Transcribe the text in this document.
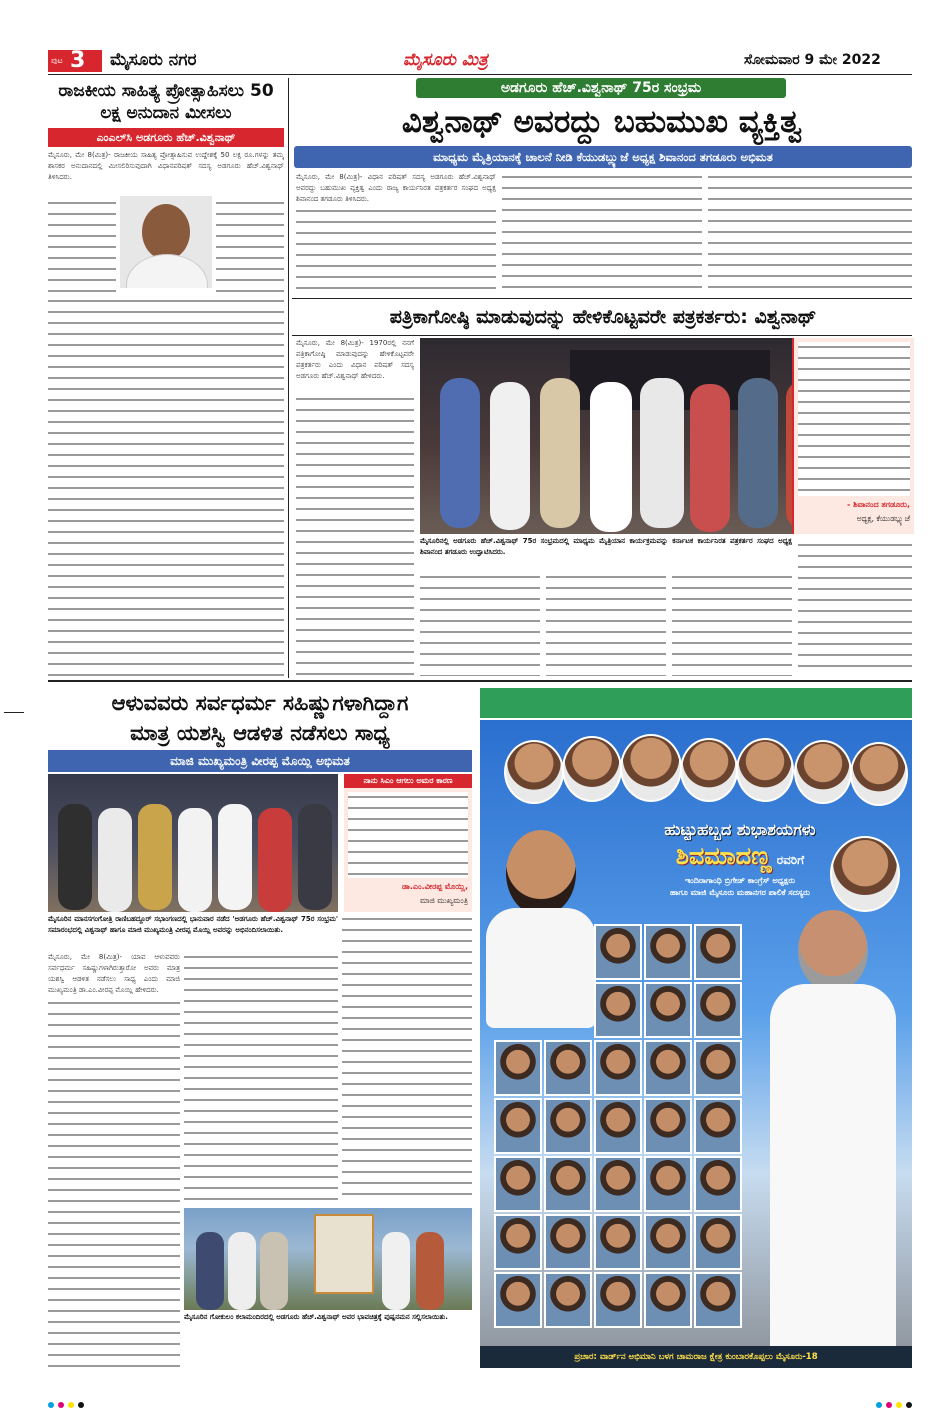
ಪುಟ 3 ಮೈಸೂರು ನಗರ	ಮೈಸೂರು ಮಿತ್ರ	ಸೋಮವಾರ 9 ಮೇ 2022
ರಾಜಕೀಯ ಸಾಹಿತ್ಯ ಪ್ರೋತ್ಸಾಹಿಸಲು 50 ಲಕ್ಷ ಅನುದಾನ ಮೀಸಲು
ಎಂಎಲ್‌ಸಿ ಅಡಗೂರು ಹೆಚ್.ವಿಶ್ವನಾಥ್
ಮೈಸೂರು, ಮೇ 8(ಮಿತ್ರ)- ರಾಜಕೀಯ ಸಾಹಿತ್ಯ ಪ್ರೋತ್ಸಾಹಿಸುವ ಉದ್ದೇಶಕ್ಕೆ 50 ಲಕ್ಷ ರೂ.ಗಳನ್ನು ತಮ್ಮ ಶಾಸಕರ ಅನುದಾನದಲ್ಲಿ ಮೀಸಲಿರಿಸುವುದಾಗಿ ವಿಧಾನಪರಿಷತ್ ಸದಸ್ಯ ಅಡಗೂರು ಹೆಚ್.ವಿಶ್ವನಾಥ್ ತಿಳಿಸಿದರು.
ಅಡಗೂರು ಹೆಚ್.ವಿಶ್ವನಾಥ್ 75ರ ಸಂಭ್ರಮ
ವಿಶ್ವನಾಥ್ ಅವರದ್ದು ಬಹುಮುಖ ವ್ಯಕ್ತಿತ್ವ
ಮಾಧ್ಯಮ ಮೈತ್ರಿಯಾನಕ್ಕೆ ಚಾಲನೆ ನೀಡಿ ಕೆಯುಡಬ್ಲ್ಯುಜೆ ಅಧ್ಯಕ್ಷ ಶಿವಾನಂದ ತಗಡೂರು ಅಭಿಮತ
ಮೈಸೂರು, ಮೇ 8(ಮಿತ್ರ)- ವಿಧಾನ ಪರಿಷತ್ ಸದಸ್ಯ ಅಡಗೂರು ಹೆಚ್.ವಿಶ್ವನಾಥ್ ಅವರದ್ದು ಬಹುಮುಖ ವ್ಯಕ್ತಿತ್ವ ಎಂದು ರಾಜ್ಯ ಕಾರ್ಯನಿರತ ಪತ್ರಕರ್ತರ ಸಂಘದ ಅಧ್ಯಕ್ಷ ಶಿವಾನಂದ ತಗಡೂರು ತಿಳಿಸಿದರು.
ಪತ್ರಿಕಾಗೋಷ್ಠಿ ಮಾಡುವುದನ್ನು ಹೇಳಿಕೊಟ್ಟವರೇ ಪತ್ರಕರ್ತರು: ವಿಶ್ವನಾಥ್
ಮೈಸೂರು, ಮೇ 8(ಮಿತ್ರ)- 1970ರಲ್ಲಿ ನನಗೆ ಪತ್ರಿಕಾಗೋಷ್ಠಿ ಮಾಡುವುದನ್ನು ಹೇಳಿಕೊಟ್ಟವರೇ ಪತ್ರಕರ್ತರು ಎಂದು ವಿಧಾನ ಪರಿಷತ್ ಸದಸ್ಯ ಅಡಗೂರು ಹೆಚ್.ವಿಶ್ವನಾಥ್ ಹೇಳಿದರು.
- ಶಿವಾನಂದ ತಗಡೂರು,
ಅಧ್ಯಕ್ಷ, ಕೆಯುಡಬ್ಲ್ಯುಜೆ
ಮೈಸೂರಿನಲ್ಲಿ ಅಡಗೂರು ಹೆಚ್.ವಿಶ್ವನಾಥ್ 75ರ ಸಂಭ್ರಮದಲ್ಲಿ ಮಾಧ್ಯಮ ಮೈತ್ರಿಯಾನ ಕಾರ್ಯಕ್ರಮವನ್ನು ಕರ್ನಾಟಕ ಕಾರ್ಯನಿರತ ಪತ್ರಕರ್ತರ ಸಂಘದ ಅಧ್ಯಕ್ಷ ಶಿವಾನಂದ ತಗಡೂರು ಉದ್ಘಾಟಿಸಿದರು.
ಆಳುವವರು ಸರ್ವಧರ್ಮ ಸಹಿಷ್ಣುಗಳಾಗಿದ್ದಾಗ
ಮಾತ್ರ ಯಶಸ್ವಿ ಆಡಳಿತ ನಡೆಸಲು ಸಾಧ್ಯ
ಮಾಜಿ ಮುಖ್ಯಮಂತ್ರಿ ವೀರಪ್ಪ ಮೊಯ್ಲಿ ಅಭಿಮತ
ನಾನು ಸಿಎಂ ಆಗಲು ಅಮರ ಕಾರಣ
ಡಾ.ಎಂ.ವೀರಪ್ಪ ಮೊಯ್ಲಿ,
ಮಾಜಿ ಮುಖ್ಯಮಂತ್ರಿ
ಮೈಸೂರಿನ ಮಾನಸಗಂಗೋತ್ರಿ ರಾಣಿಬಹದ್ದೂರ್ ಸಭಾಂಗಣದಲ್ಲಿ ಭಾನುವಾರ ನಡೆದ 'ಅಡಗೂರು ಹೆಚ್.ವಿಶ್ವನಾಥ್ 75ರ ಸಂಭ್ರಮ' ಸಮಾರಂಭದಲ್ಲಿ ವಿಶ್ವನಾಥ್ ಹಾಗೂ ಮಾಜಿ ಮುಖ್ಯಮಂತ್ರಿ ವೀರಪ್ಪ ಮೊಯ್ಲಿ ಅವರನ್ನು ಅಭಿನಂದಿಸಲಾಯಿತು.
ಮೈಸೂರು, ಮೇ 8(ಮಿತ್ರ)- ಯಾವ ಆಳುವವರು ಸರ್ವಧರ್ಮ ಸಹಿಷ್ಣುಗಳಾಗಿರುತ್ತಾರೋ ಅವರು ಮಾತ್ರ ಯಶಸ್ವಿ ಆಡಳಿತ ನಡೆಸಲು ಸಾಧ್ಯ ಎಂದು ಮಾಜಿ ಮುಖ್ಯಮಂತ್ರಿ ಡಾ.ಎಂ.ವೀರಪ್ಪ ಮೊಯ್ಲಿ ಹೇಳಿದರು.
ಮೈಸೂರಿನ ಗೋಕುಲಂ ಕಲಾಮಂದಿರದಲ್ಲಿ ಅಡಗೂರು ಹೆಚ್.ವಿಶ್ವನಾಥ್ ಅವರ ಭಾವಚಿತ್ರಕ್ಕೆ ಪುಷ್ಪನಮನ ಸಲ್ಲಿಸಲಾಯಿತು.
ಹುಟ್ಟುಹಬ್ಬದ ಶುಭಾಶಯಗಳು
ಶಿವಮಾದಣ್ಣ ರವರಿಗೆ
ಇಂದಿರಾಗಾಂಧಿ ಬ್ರಿಗೇಡ್ ಕಾಂಗ್ರೆಸ್ ಅಧ್ಯಕ್ಷರು
ಹಾಗೂ ಮಾಜಿ ಮೈಸೂರು ಮಹಾನಗರ ಪಾಲಿಕೆ ಸದಸ್ಯರು
ಪ್ರಚಾರ: ವಾರ್ಡ್‌ನ ಅಭಿಮಾನಿ ಬಳಗ ಚಾಮರಾಜ ಕ್ಷೇತ್ರ ಕುಂಬಾರಕೊಪ್ಪಲು ಮೈಸೂರು-18
